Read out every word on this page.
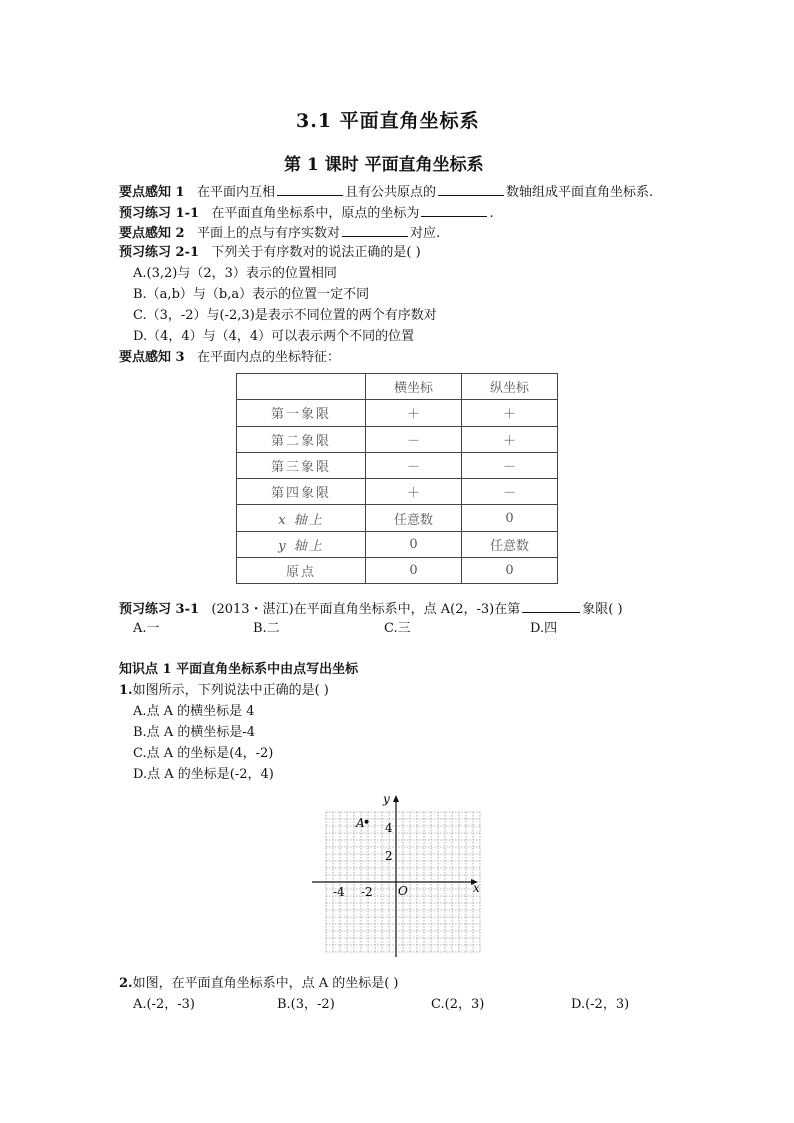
3.1 平面直角坐标系
第 1 课时 平面直角坐标系
要点感知 1 在平面内互相	且有公共原点的	数轴组成平面直角坐标系.
预习练习 1-1 在平面直角坐标系中，原点的坐标为	.
要点感知 2 平面上的点与有序实数对	对应.
预习练习 2-1 下列关于有序数对的说法正确的是( )
A.(3,2)与（2，3）表示的位置相同
B.（a,b）与（b,a）表示的位置一定不同
C.（3，-2）与(-2,3)是表示不同位置的两个有序数对
D.（4，4）与（4，4）可以表示两个不同的位置
要点感知 3 在平面内点的坐标特征：
	横坐标	纵坐标
第一象限	＋	＋
第二象限	－	＋
第三象限	－	－
第四象限	＋	－
x 轴上	任意数	0
y 轴上	0	任意数
原点	0	0
预习练习 3-1 (2013・湛江)在平面直角坐标系中，点 A(2，-3)在第	象限( )
A.一	B.二	C.三	D.四
知识点 1 平面直角坐标系中由点写出坐标
1.如图所示，下列说法中正确的是( )
A.点 A 的横坐标是 4
B.点 A 的横坐标是-4
C.点 A 的坐标是(4，-2)
D.点 A 的坐标是(-2，4)
y
x
O
A 4
2
-4 -2
2.如图，在平面直角坐标系中，点 A 的坐标是( )
A.(-2，-3)	B.(3，-2)	C.(2，3)	D.(-2，3)
